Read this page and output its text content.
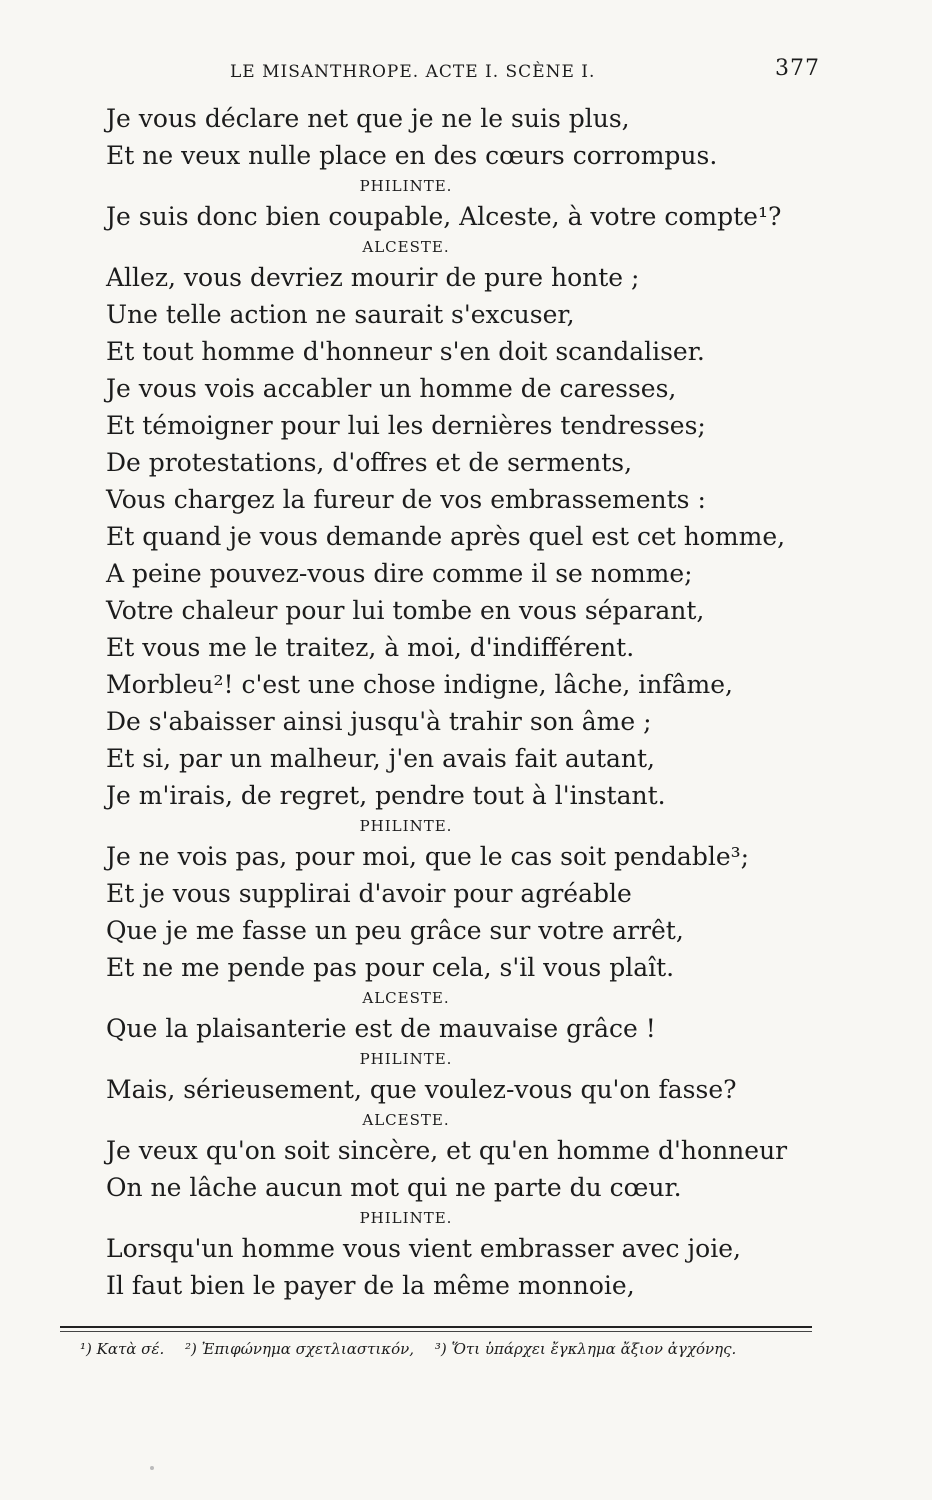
LE MISANTHROPE. ACTE I. SCÈNE I.	377
Je vous déclare net que je ne le suis plus,
Et ne veux nulle place en des cœurs corrompus.
PHILINTE.
Je suis donc bien coupable, Alceste, à votre compte¹?
ALCESTE.
Allez, vous devriez mourir de pure honte ;
Une telle action ne saurait s'excuser,
Et tout homme d'honneur s'en doit scandaliser.
Je vous vois accabler un homme de caresses,
Et témoigner pour lui les dernières tendresses;
De protestations, d'offres et de serments,
Vous chargez la fureur de vos embrassements :
Et quand je vous demande après quel est cet homme,
A peine pouvez-vous dire comme il se nomme;
Votre chaleur pour lui tombe en vous séparant,
Et vous me le traitez, à moi, d'indifférent.
Morbleu²! c'est une chose indigne, lâche, infâme,
De s'abaisser ainsi jusqu'à trahir son âme ;
Et si, par un malheur, j'en avais fait autant,
Je m'irais, de regret, pendre tout à l'instant.
PHILINTE.
Je ne vois pas, pour moi, que le cas soit pendable³;
Et je vous supplirai d'avoir pour agréable
Que je me fasse un peu grâce sur votre arrêt,
Et ne me pende pas pour cela, s'il vous plaît.
ALCESTE.
Que la plaisanterie est de mauvaise grâce !
PHILINTE.
Mais, sérieusement, que voulez-vous qu'on fasse?
ALCESTE.
Je veux qu'on soit sincère, et qu'en homme d'honneur
On ne lâche aucun mot qui ne parte du cœur.
PHILINTE.
Lorsqu'un homme vous vient embrasser avec joie,
Il faut bien le payer de la même monnoie,
¹) Κατὰ σέ. ²) Ἐπιφώνημα σχετλιαστικόν, ³) Ὅτι ὑπάρχει ἔγκλημα ἄξιον ἀγχόνης.
